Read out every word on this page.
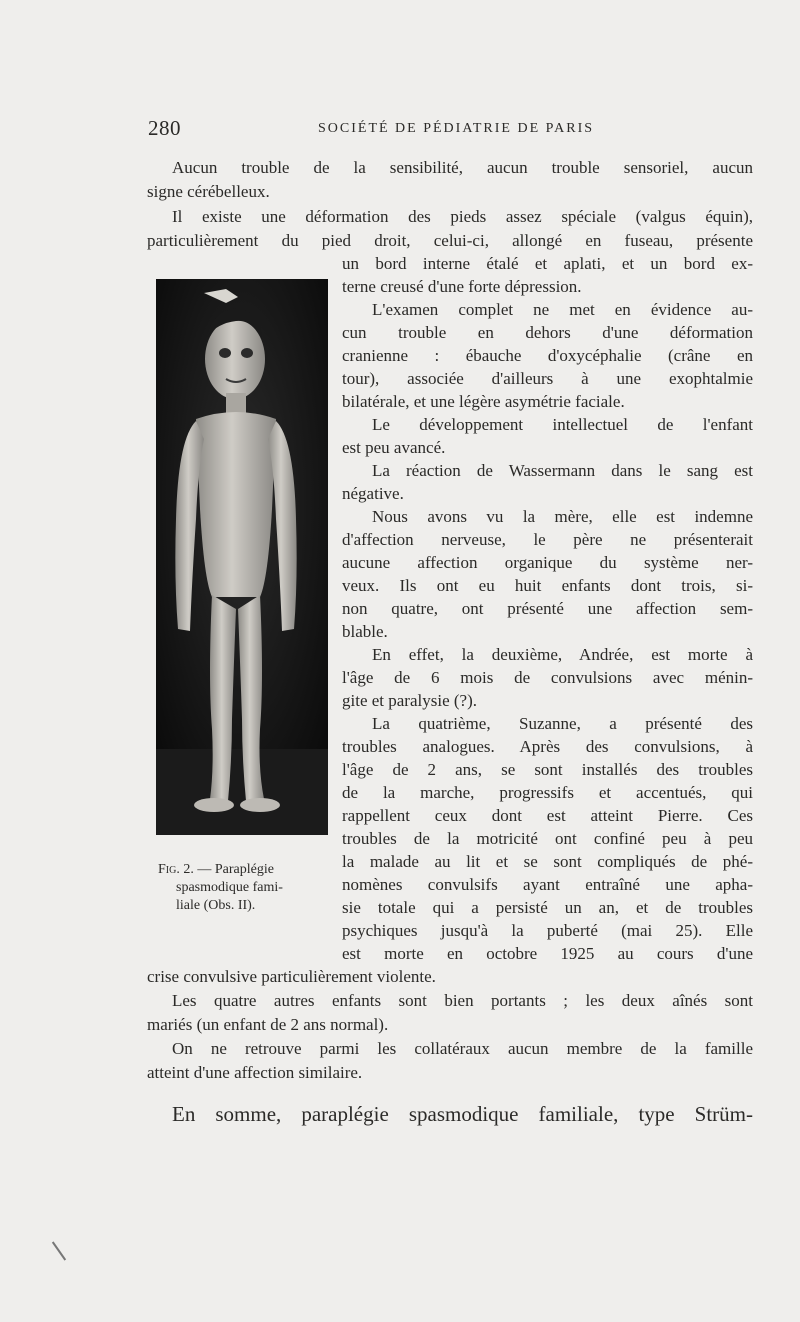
280	SOCIÉTÉ DE PÉDIATRIE DE PARIS
Aucun trouble de la sensibilité, aucun trouble sensoriel, aucun
signe cérébelleux.
Il existe une déformation des pieds assez spéciale (valgus équin),
particulièrement du pied droit, celui-ci, allongé en fuseau, présente
un bord interne étalé et aplati, et un bord ex-
terne creusé d'une forte dépression.
L'examen complet ne met en évidence au-
cun trouble en dehors d'une déformation
cranienne : ébauche d'oxycéphalie (crâne en
tour), associée d'ailleurs à une exophtalmie
bilatérale, et une légère asymétrie faciale.
Le développement intellectuel de l'enfant
est peu avancé.
La réaction de Wassermann dans le sang est
négative.
Nous avons vu la mère, elle est indemne
d'affection nerveuse, le père ne présenterait
aucune affection organique du système ner-
veux. Ils ont eu huit enfants dont trois, si-
non quatre, ont présenté une affection sem-
blable.
En effet, la deuxième, Andrée, est morte à
l'âge de 6 mois de convulsions avec ménin-
gite et paralysie (?).
La quatrième, Suzanne, a présenté des
troubles analogues. Après des convulsions, à
l'âge de 2 ans, se sont installés des troubles
de la marche, progressifs et accentués, qui
rappellent ceux dont est atteint Pierre. Ces
troubles de la motricité ont confiné peu à peu
la malade au lit et se sont compliqués de phé-
nomènes convulsifs ayant entraîné une apha-
sie totale qui a persisté un an, et de troubles
psychiques jusqu'à la puberté (mai 25). Elle
est morte en octobre 1925 au cours d'une
crise convulsive particulièrement violente.
Les quatre autres enfants sont bien portants ; les deux aînés sont
mariés (un enfant de 2 ans normal).
On ne retrouve parmi les collatéraux aucun membre de la famille
atteint d'une affection similaire.
Fig. 2. — Paraplégie
spasmodique fami-
liale (Obs. II).
En somme, paraplégie spasmodique familiale, type Strüm-
